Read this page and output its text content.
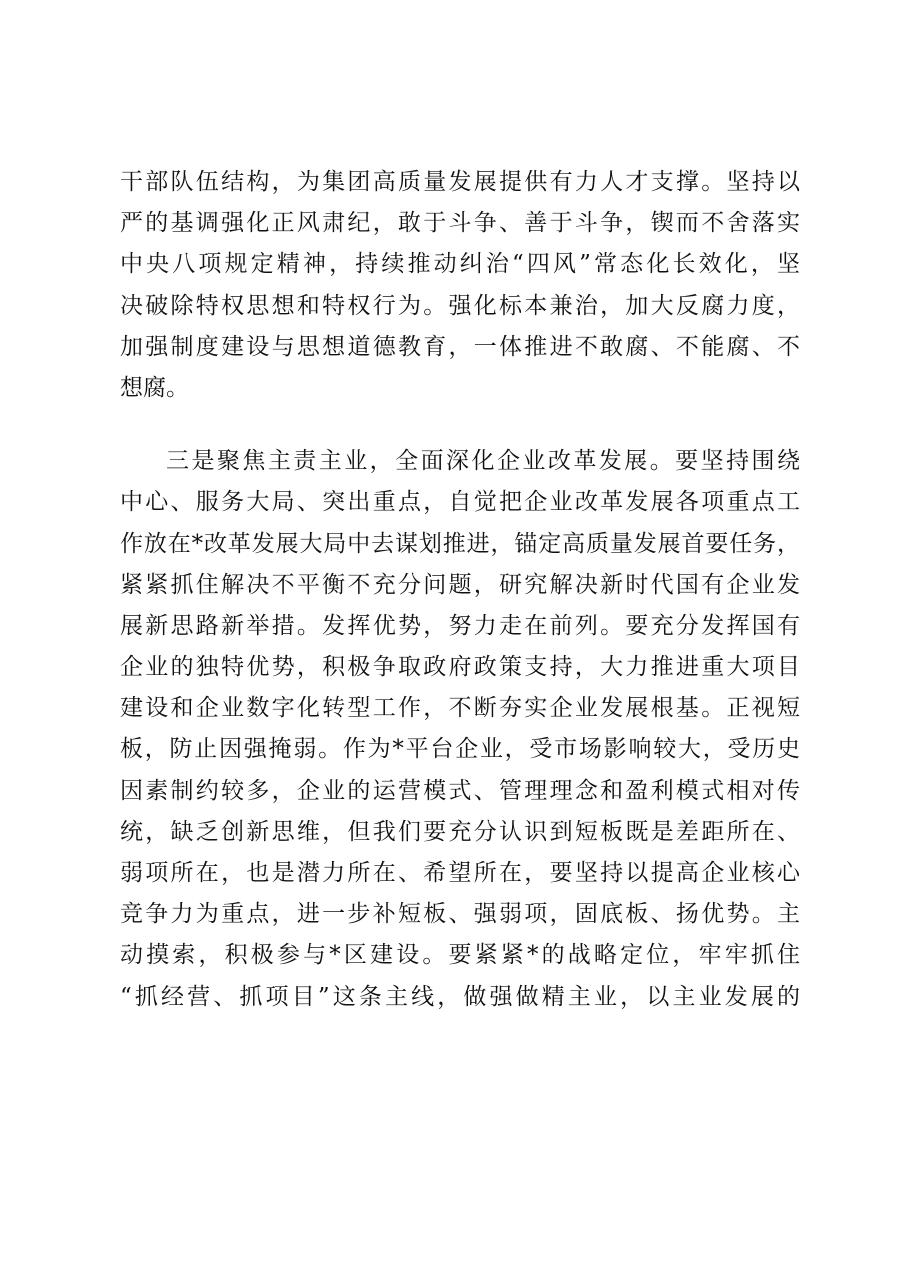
干部队伍结构，为集团高质量发展提供有力人才支撑。坚持以
严的基调强化正风肃纪，敢于斗争、善于斗争，锲而不舍落实
中央八项规定精神，持续推动纠治“四风”常态化长效化，坚
决破除特权思想和特权行为。强化标本兼治，加大反腐力度，
加强制度建设与思想道德教育，一体推进不敢腐、不能腐、不
想腐。
三是聚焦主责主业，全面深化企业改革发展。要坚持围绕
中心、服务大局、突出重点，自觉把企业改革发展各项重点工
作放在*改革发展大局中去谋划推进，锚定高质量发展首要任务，
紧紧抓住解决不平衡不充分问题，研究解决新时代国有企业发
展新思路新举措。发挥优势，努力走在前列。要充分发挥国有
企业的独特优势，积极争取政府政策支持，大力推进重大项目
建设和企业数字化转型工作，不断夯实企业发展根基。正视短
板，防止因强掩弱。作为*平台企业，受市场影响较大，受历史
因素制约较多，企业的运营模式、管理理念和盈利模式相对传
统，缺乏创新思维，但我们要充分认识到短板既是差距所在、
弱项所在，也是潜力所在、希望所在，要坚持以提高企业核心
竞争力为重点，进一步补短板、强弱项，固底板、扬优势。主
动摸索，积极参与*区建设。要紧紧*的战略定位，牢牢抓住
“抓经营、抓项目”这条主线，做强做精主业，以主业发展的
